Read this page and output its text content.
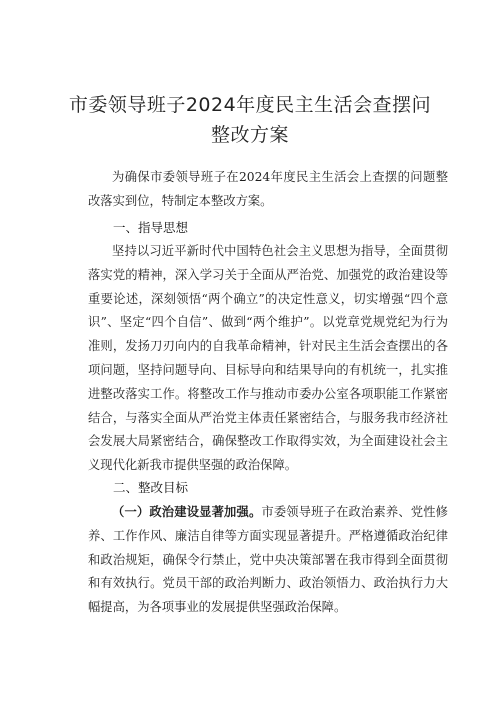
市委领导班子2024年度民主生活会查摆问
整改方案

为确保市委领导班子在2024年度民主生活会上查摆的问题整改落实到位，特制定本整改方案。

一、指导思想

坚持以习近平新时代中国特色社会主义思想为指导，全面贯彻落实党的精神，深入学习关于全面从严治党、加强党的政治建设等重要论述，深刻领悟“两个确立”的决定性意义，切实增强“四个意识”、坚定“四个自信”、做到“两个维护”。以党章党规党纪为行为准则，发扬刀刃向内的自我革命精神，针对民主生活会查摆出的各项问题，坚持问题导向、目标导向和结果导向的有机统一，扎实推进整改落实工作。将整改工作与推动市委办公室各项职能工作紧密结合，与落实全面从严治党主体责任紧密结合，与服务我市经济社会发展大局紧密结合，确保整改工作取得实效，为全面建设社会主义现代化新我市提供坚强的政治保障。

二、整改目标

（一）政治建设显著加强。市委领导班子在政治素养、党性修养、工作作风、廉洁自律等方面实现显著提升。严格遵循政治纪律和政治规矩，确保令行禁止，党中央决策部署在我市得到全面贯彻和有效执行。党员干部的政治判断力、政治领悟力、政治执行力大幅提高，为各项事业的发展提供坚强政治保障。
